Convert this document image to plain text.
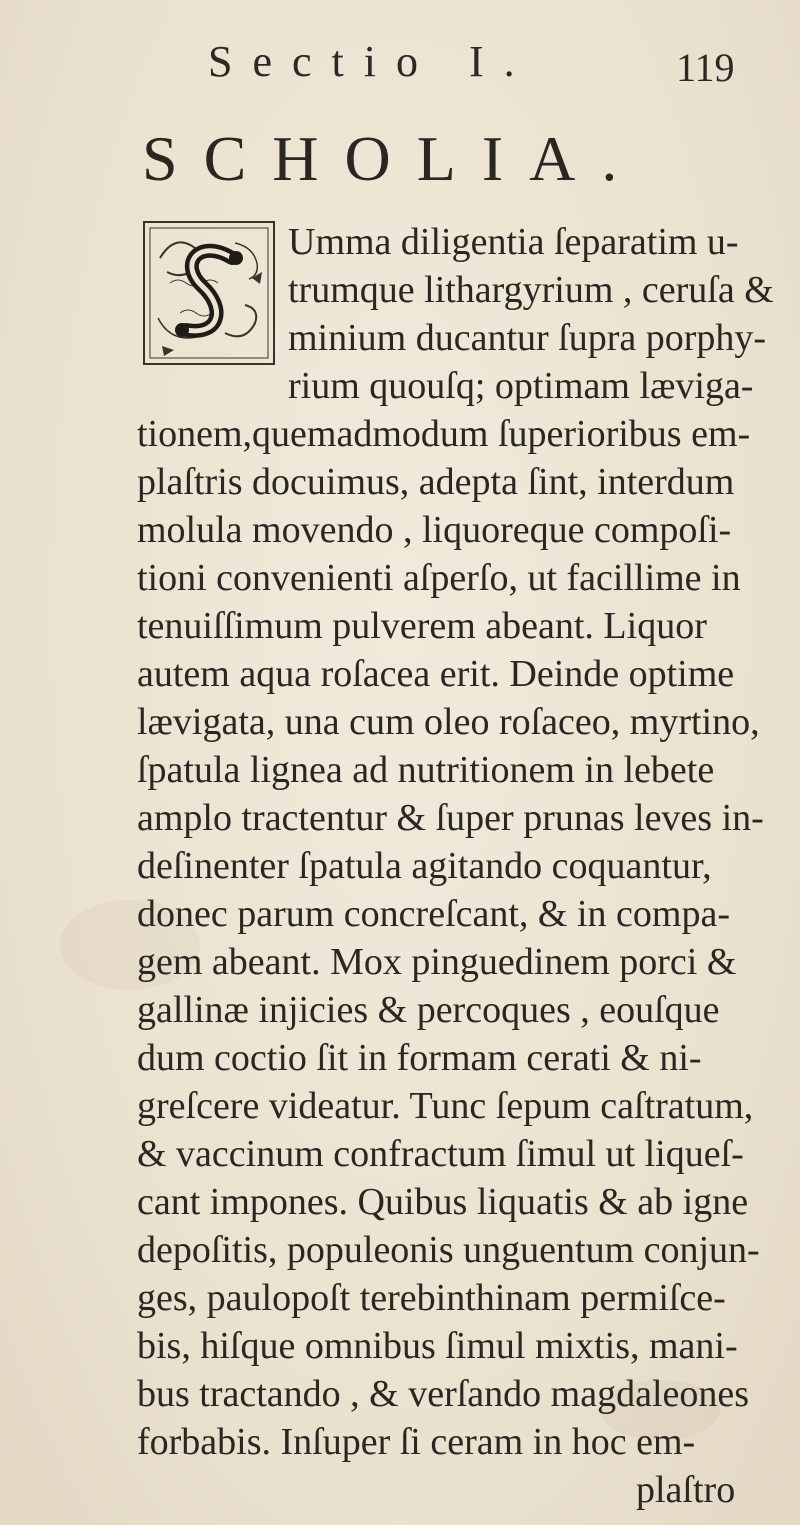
Sectio I.	119
SCHOLIA.
Umma diligentia ſeparatim u-
trumque lithargyrium , ceruſa &
minium ducantur ſupra porphy-
rium quouſq; optimam læviga-
tionem,quemadmodum ſuperioribus em-
plaſtris docuimus, adepta ſint, interdum
molula movendo , liquoreque compoſi-
tioni convenienti aſperſo, ut facillime in
tenuiſſimum pulverem abeant. Liquor
autem aqua roſacea erit. Deinde optime
lævigata, una cum oleo roſaceo, myrtino,
ſpatula lignea ad nutritionem in lebete
amplo tractentur & ſuper prunas leves in-
deſinenter ſpatula agitando coquantur,
donec parum concreſcant, & in compa-
gem abeant. Mox pinguedinem porci &
gallinæ injicies & percoques , eouſque
dum coctio ſit in formam cerati & ni-
greſcere videatur. Tunc ſepum caſtratum,
& vaccinum confractum ſimul ut liqueſ-
cant impones. Quibus liquatis & ab igne
depoſitis, populeonis unguentum conjun-
ges, paulopoſt terebinthinam permiſce-
bis, hiſque omnibus ſimul mixtis, mani-
bus tractando , & verſando magdaleones
forbabis. Inſuper ſi ceram in hoc em-
plaſtro
